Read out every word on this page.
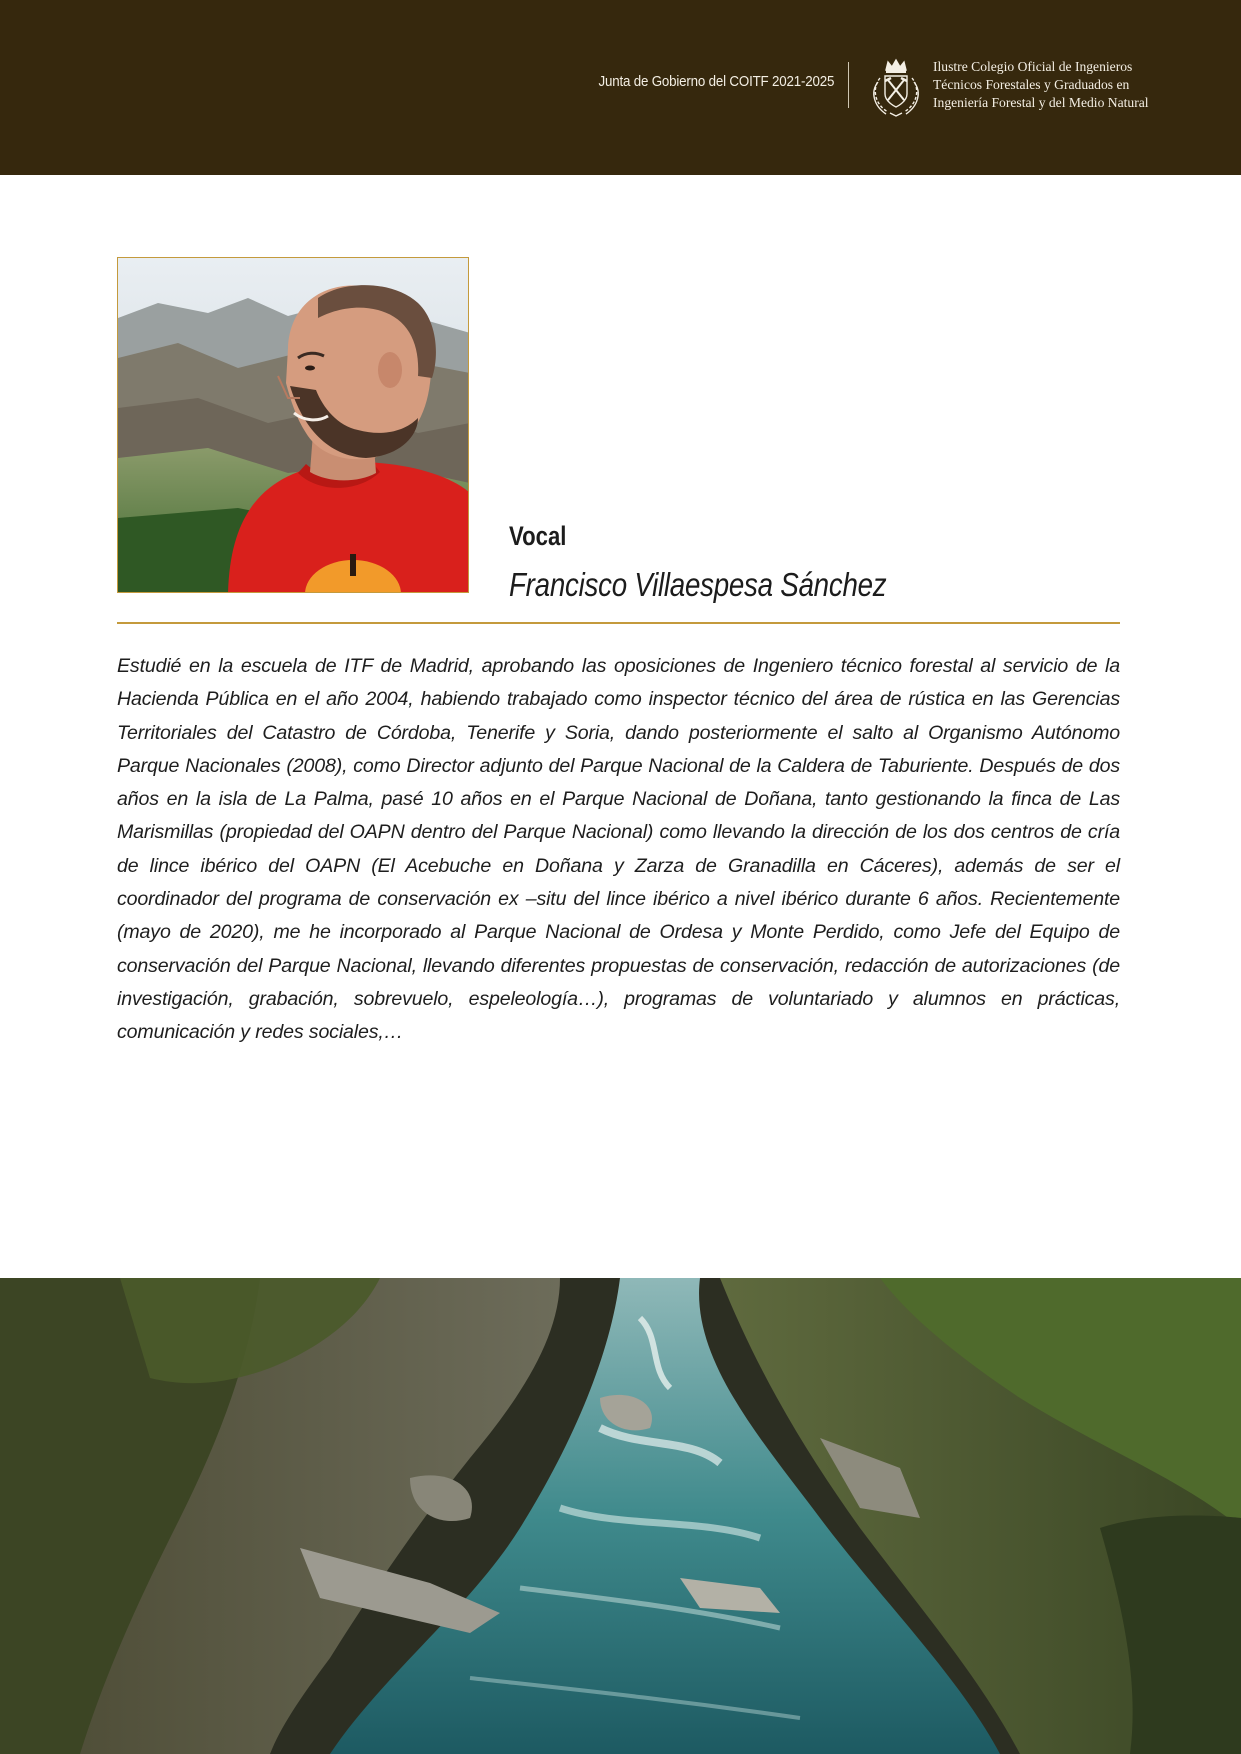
Junta de Gobierno del COITF 2021-2025
Ilustre Colegio Oficial de Ingenieros
Técnicos Forestales y Graduados en
Ingeniería Forestal y del Medio Natural
Vocal
Francisco Villaespesa Sánchez

Estudié en la escuela de ITF de Madrid, aprobando las oposiciones de Ingeniero técnico forestal al servicio de la Hacienda Pública en el año 2004, habiendo trabajado como inspector técnico del área de rústica en las Gerencias Territoriales del Catastro de Córdoba, Tenerife y Soria, dando posteriormente el salto al Organismo Autónomo Parque Nacionales (2008), como Director adjunto del Parque Nacional de la Caldera de Taburiente. Después de dos años en la isla de La Palma, pasé 10 años en el Parque Nacional de Doñana, tanto gestionando la finca de Las Marismillas (propiedad del OAPN dentro del Parque Nacional) como llevando la dirección de los dos centros de cría de lince ibérico del OAPN (El Acebuche en Doñana y Zarza de Granadilla en Cáceres), además de ser el coordinador del programa de conservación ex –situ del lince ibérico a nivel ibérico durante 6 años. Recientemente (mayo de 2020), me he incorporado al Parque Nacional de Ordesa y Monte Perdido, como Jefe del Equipo de conservación del Parque Nacional, llevando diferentes propuestas de conservación, redacción de autorizaciones (de investigación, grabación, sobrevuelo, espeleología…), programas de voluntariado y alumnos en prácticas, comunicación y redes sociales,…
